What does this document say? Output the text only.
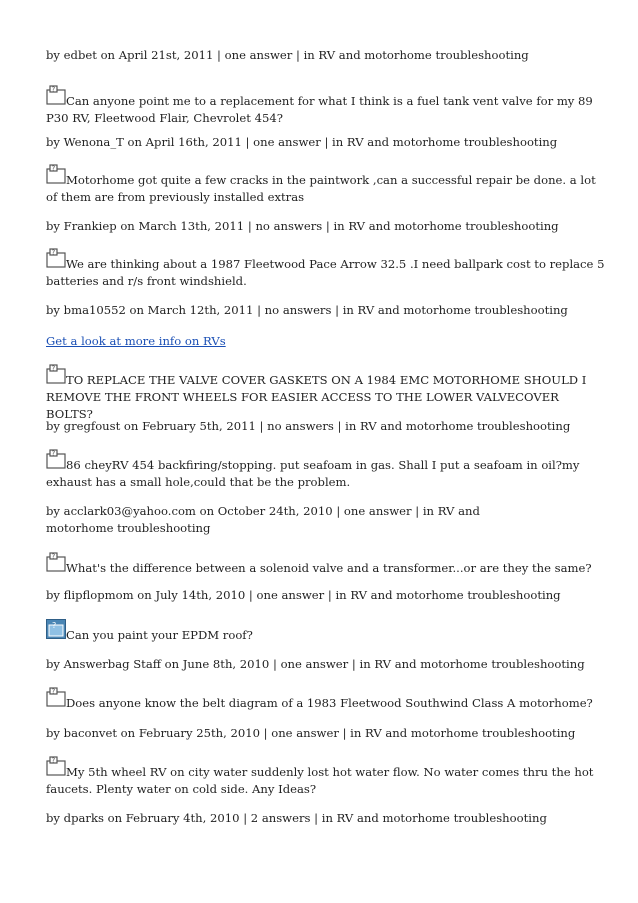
by edbet on April 21st, 2011 | one answer | in RV and motorhome troubleshooting
?
Can anyone point me to a replacement for what I think is a fuel tank vent valve for my 89 P30 RV, Fleetwood Flair, Chevrolet 454?
by Wenona_T on April 16th, 2011 | one answer | in RV and motorhome troubleshooting
?
Motorhome got quite a few cracks in the paintwork ,can a successful repair be done. a lot of them are from previously installed extras
by Frankiep on March 13th, 2011 | no answers | in RV and motorhome troubleshooting
?
We are thinking about a 1987 Fleetwood Pace Arrow 32.5 .I need ballpark cost to replace 5 batteries and r/s front windshield.
by bma10552 on March 12th, 2011 | no answers | in RV and motorhome troubleshooting
Get a look at more info on RVs
?
TO REPLACE THE VALVE COVER GASKETS ON A 1984 EMC MOTORHOME SHOULD I REMOVE THE FRONT WHEELS FOR EASIER ACCESS TO THE LOWER VALVECOVER BOLTS?
by gregfoust on February 5th, 2011 | no answers | in RV and motorhome troubleshooting
?
86 cheyRV 454 backfiring/stopping. put seafoam in gas. Shall I put a seafoam in oil?my exhaust has a small hole,could that be the problem.
by acclark03@yahoo.com on October 24th, 2010 | one answer | in RV and motorhome troubleshooting
?
What's the difference between a solenoid valve and a transformer...or are they the same?
by flipflopmom on July 14th, 2010 | one answer | in RV and motorhome troubleshooting
?
Can you paint your EPDM roof?
by Answerbag Staff on June 8th, 2010 | one answer | in RV and motorhome troubleshooting
?
Does anyone know the belt diagram of a 1983 Fleetwood Southwind Class A motorhome?
by baconvet on February 25th, 2010 | one answer | in RV and motorhome troubleshooting
?
My 5th wheel RV on city water suddenly lost hot water flow. No water comes thru the hot faucets. Plenty water on cold side. Any Ideas?
by dparks on February 4th, 2010 | 2 answers | in RV and motorhome troubleshooting
